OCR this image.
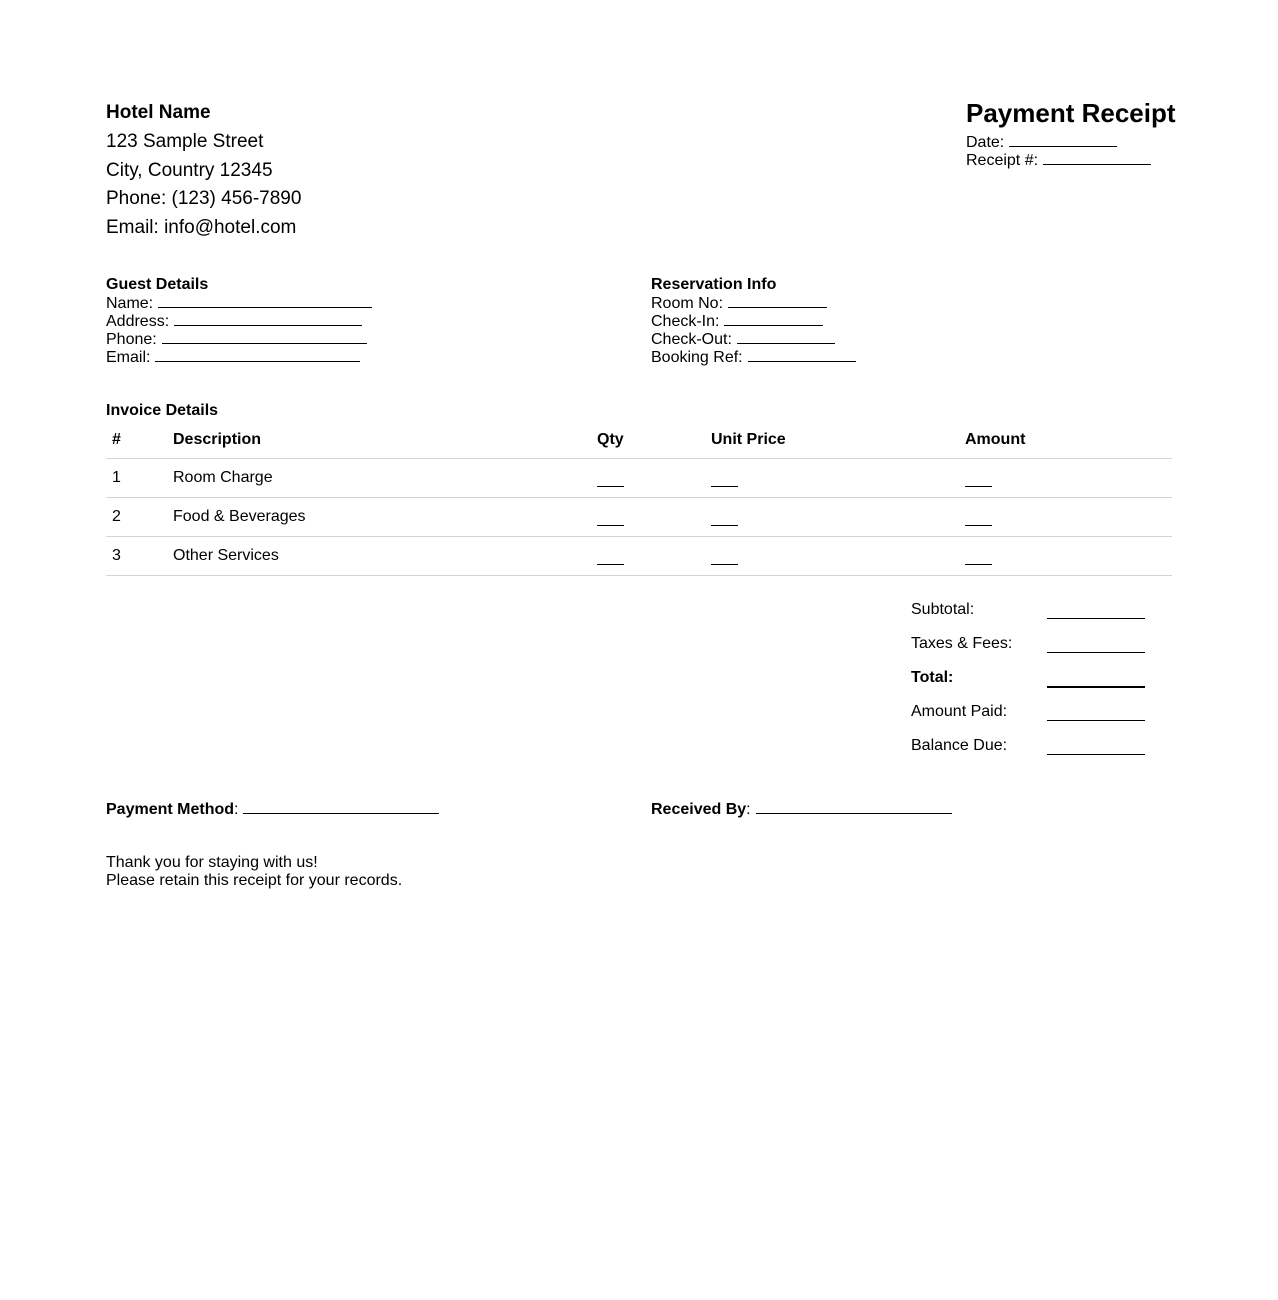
Hotel Name
123 Sample Street
City, Country 12345
Phone: (123) 456-7890
Email: info@hotel.com
Payment Receipt
Date:
Receipt #:
Guest Details
Name:
Address:
Phone:
Email:
Reservation Info
Room No:
Check-In:
Check-Out:
Booking Ref:
Invoice Details
#	Description	Qty	Unit Price	Amount
1	Room Charge
2	Food & Beverages
3	Other Services
Subtotal:
Taxes & Fees:
Total:
Amount Paid:
Balance Due:
Payment Method:	Received By:
Thank you for staying with us!
Please retain this receipt for your records.
